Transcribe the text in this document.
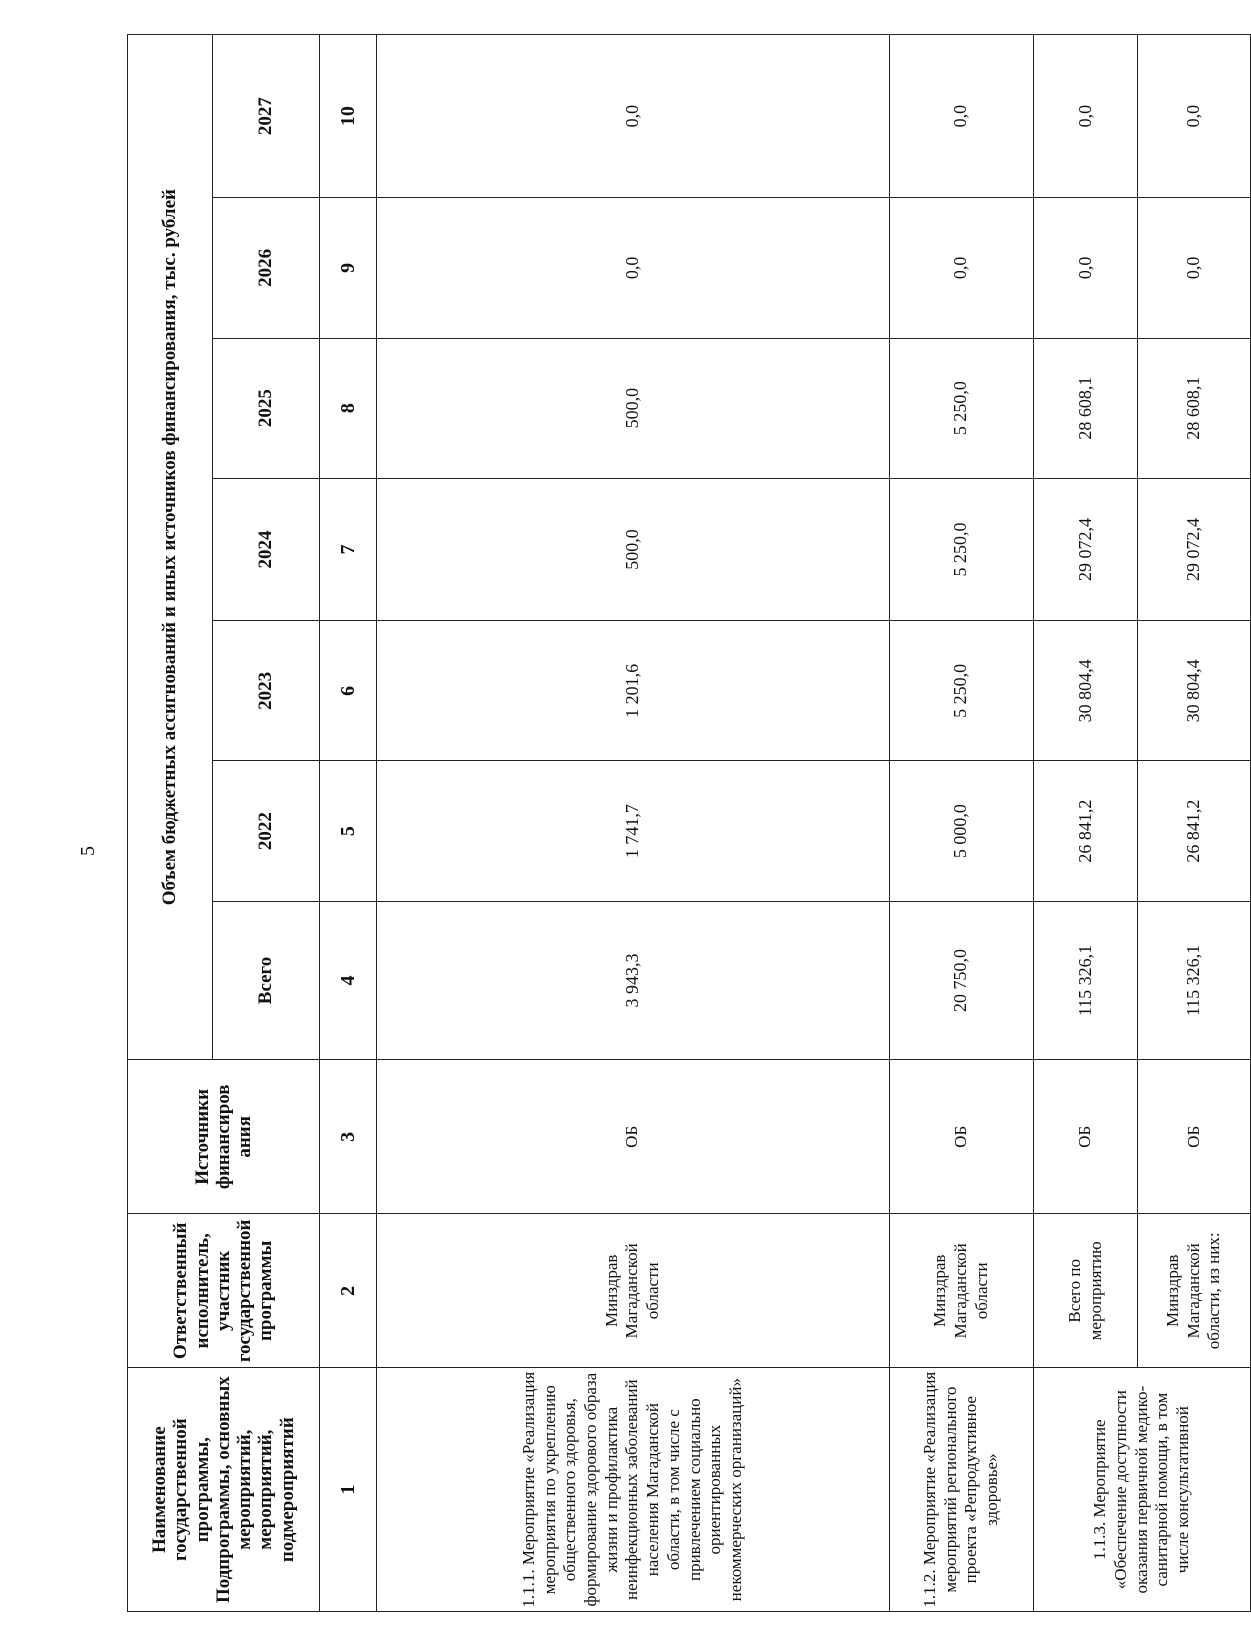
5
Наименование государственной программы, Подпрограммы, основных мероприятий, мероприятий, подмероприятий	Ответственный исполнитель, участник государственной программы	Источники финансиров ания	Объем бюджетных ассигнований и иных источников финансирования, тыс. рублей						
			Всего	2022	2023	2024	2025	2026	2027
1	2	3	4	5	6	7	8	9	10
1.1.1. Мероприятие «Реализация мероприятия по укреплению общественного здоровья, формирование здорового образа жизни и профилактика неинфекционных заболеваний населения Магаданской области, в том числе с привлечением социально ориентированных некоммерческих организаций»	Минздрав Магаданской области	ОБ	3 943,3	1 741,7	1 201,6	500,0	500,0	0,0	0,0
1.1.2. Мероприятие «Реализация мероприятий регионального проекта «Репродуктивное здоровье»	Минздрав Магаданской области	ОБ	20 750,0	5 000,0	5 250,0	5 250,0	5 250,0	0,0	0,0
1.1.3. Мероприятие «Обеспечение доступности оказания первичной медико-санитарной помощи, в том числе консультативной	Всего по мероприятию	ОБ	115 326,1	26 841,2	30 804,4	29 072,4	28 608,1	0,0	0,0
	Минздрав Магаданской области, из них:	ОБ	115 326,1	26 841,2	30 804,4	29 072,4	28 608,1	0,0	0,0
